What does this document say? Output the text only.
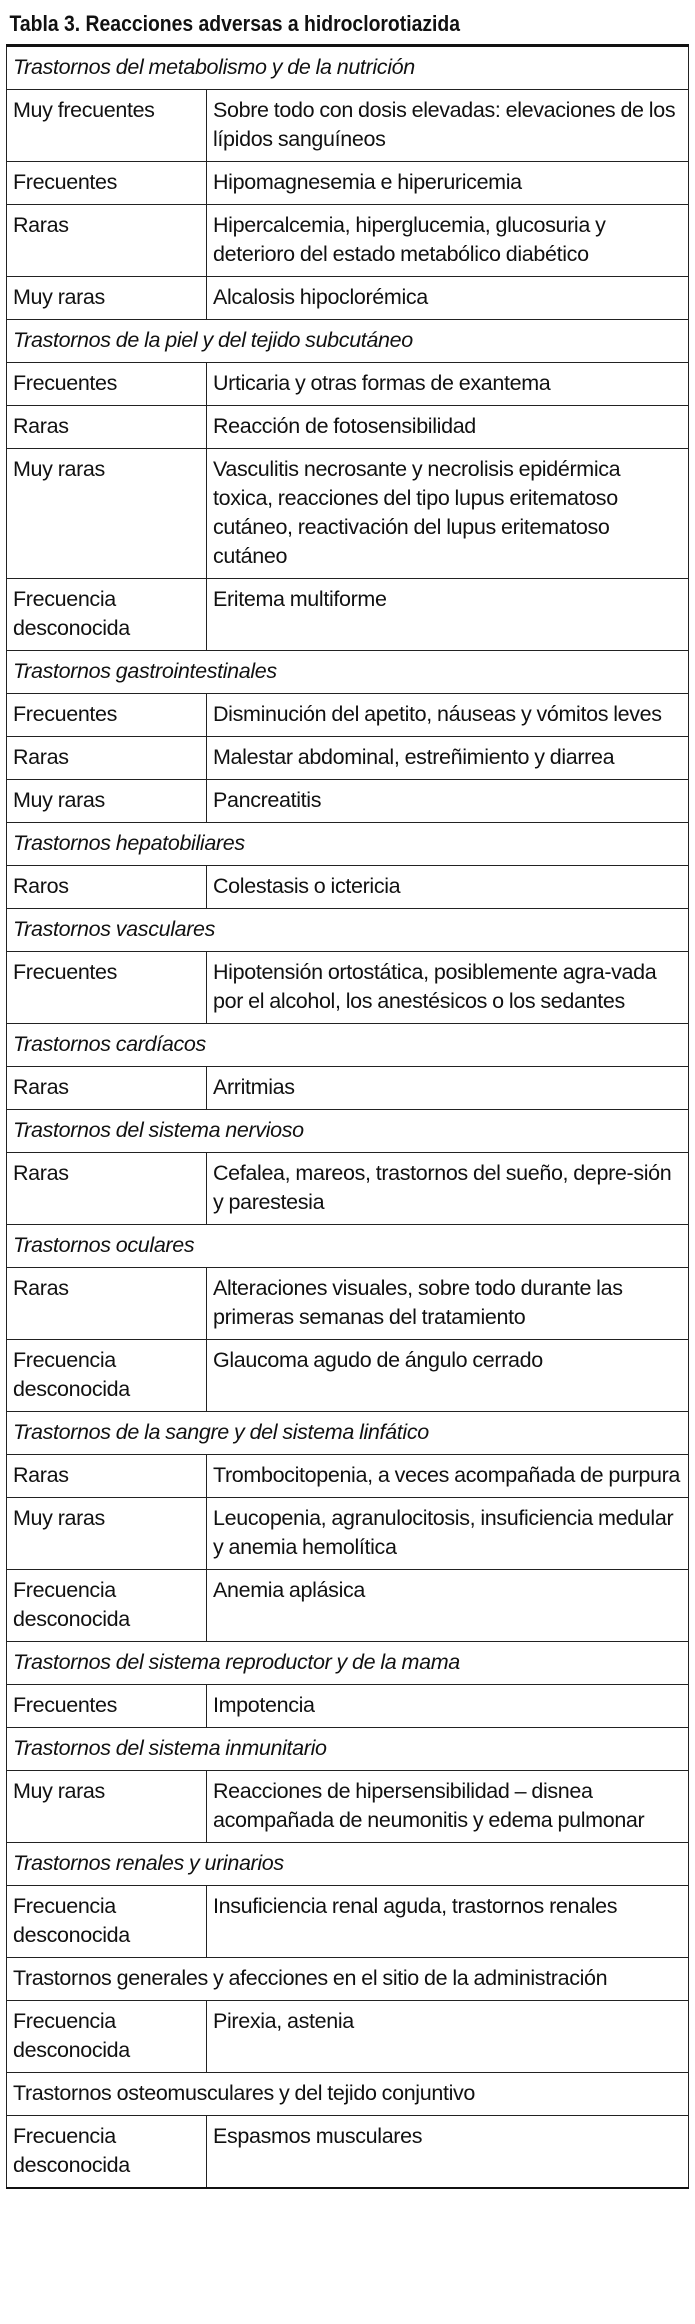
Tabla 3. Reacciones adversas a hidroclorotiazida
Trastornos del metabolismo y de la nutrición	
Muy frecuentes	Sobre todo con dosis elevadas: elevaciones de los lípidos sanguíneos
Frecuentes	Hipomagnesemia e hiperuricemia
Raras	Hipercalcemia, hiperglucemia, glucosuria y deterioro del estado metabólico diabético
Muy raras	Alcalosis hipoclorémica
Trastornos de la piel y del tejido subcutáneo	
Frecuentes	Urticaria y otras formas de exantema
Raras	Reacción de fotosensibilidad
Muy raras	Vasculitis necrosante y necrolisis epidérmica toxica, reacciones del tipo lupus eritematoso cutáneo, reactivación del lupus eritematoso cutáneo
Frecuencia desconocida	Eritema multiforme
Trastornos gastrointestinales	
Frecuentes	Disminución del apetito, náuseas y vómitos leves
Raras	Malestar abdominal, estreñimiento y diarrea
Muy raras	Pancreatitis
Trastornos hepatobiliares	
Raros	Colestasis o ictericia
Trastornos vasculares	
Frecuentes	Hipotensión ortostática, posiblemente agra-vada por el alcohol, los anestésicos o los sedantes
Trastornos cardíacos	
Raras	Arritmias
Trastornos del sistema nervioso	
Raras	Cefalea, mareos, trastornos del sueño, depre-sión y parestesia
Trastornos oculares	
Raras	Alteraciones visuales, sobre todo durante las primeras semanas del tratamiento
Frecuencia desconocida	Glaucoma agudo de ángulo cerrado
Trastornos de la sangre y del sistema linfático	
Raras	Trombocitopenia, a veces acompañada de purpura
Muy raras	Leucopenia, agranulocitosis, insuficiencia medular y anemia hemolítica
Frecuencia desconocida	Anemia aplásica
Trastornos del sistema reproductor y de la mama	
Frecuentes	Impotencia
Trastornos del sistema inmunitario	
Muy raras	Reacciones de hipersensibilidad – disnea acompañada de neumonitis y edema pulmonar
Trastornos renales y urinarios	
Frecuencia desconocida	Insuficiencia renal aguda, trastornos renales
Trastornos generales y afecciones en el sitio de la administración	
Frecuencia desconocida	Pirexia, astenia
Trastornos osteomusculares y del tejido conjuntivo	
Frecuencia desconocida	Espasmos musculares
